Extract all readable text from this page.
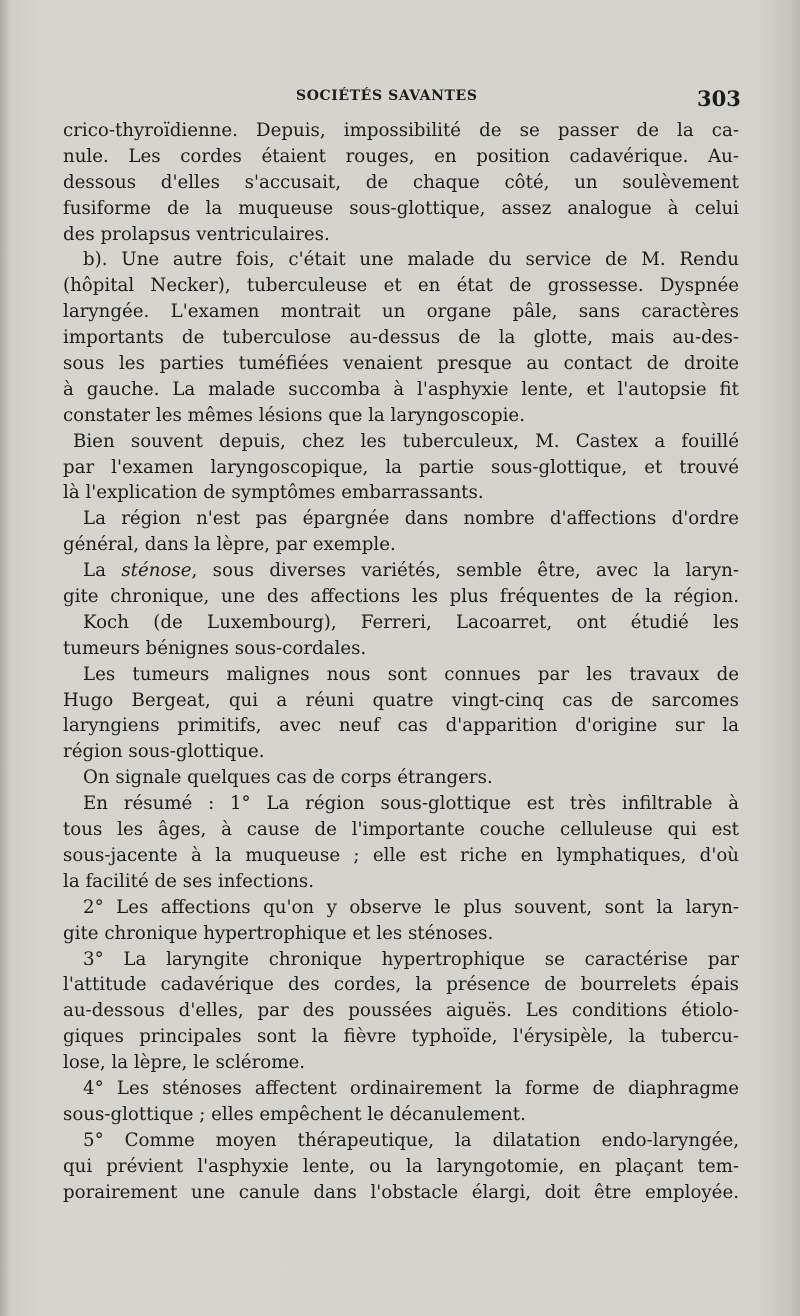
SOCIÉTÉS SAVANTES	303
crico-thyroïdienne. Depuis, impossibilité de se passer de la ca-
nule. Les cordes étaient rouges, en position cadavérique. Au-
dessous d'elles s'accusait, de chaque côté, un soulèvement
fusiforme de la muqueuse sous-glottique, assez analogue à celui
des prolapsus ventriculaires.
b). Une autre fois, c'était une malade du service de M. Rendu
(hôpital Necker), tuberculeuse et en état de grossesse. Dyspnée
laryngée. L'examen montrait un organe pâle, sans caractères
importants de tuberculose au-dessus de la glotte, mais au-des-
sous les parties tuméfiées venaient presque au contact de droite
à gauche. La malade succomba à l'asphyxie lente, et l'autopsie fit
constater les mêmes lésions que la laryngoscopie.
Bien souvent depuis, chez les tuberculeux, M. Castex a fouillé
par l'examen laryngoscopique, la partie sous-glottique, et trouvé
là l'explication de symptômes embarrassants.
La région n'est pas épargnée dans nombre d'affections d'ordre
général, dans la lèpre, par exemple.
La sténose, sous diverses variétés, semble être, avec la laryn-
gite chronique, une des affections les plus fréquentes de la région.
Koch (de Luxembourg), Ferreri, Lacoarret, ont étudié les
tumeurs bénignes sous-cordales.
Les tumeurs malignes nous sont connues par les travaux de
Hugo Bergeat, qui a réuni quatre vingt-cinq cas de sarcomes
laryngiens primitifs, avec neuf cas d'apparition d'origine sur la
région sous-glottique.
On signale quelques cas de corps étrangers.
En résumé : 1° La région sous-glottique est très infiltrable à
tous les âges, à cause de l'importante couche celluleuse qui est
sous-jacente à la muqueuse ; elle est riche en lymphatiques, d'où
la facilité de ses infections.
2° Les affections qu'on y observe le plus souvent, sont la laryn-
gite chronique hypertrophique et les sténoses.
3° La laryngite chronique hypertrophique se caractérise par
l'attitude cadavérique des cordes, la présence de bourrelets épais
au-dessous d'elles, par des poussées aiguës. Les conditions étiolo-
giques principales sont la fièvre typhoïde, l'érysipèle, la tubercu-
lose, la lèpre, le sclérome.
4° Les sténoses affectent ordinairement la forme de diaphragme
sous-glottique ; elles empêchent le décanulement.
5° Comme moyen thérapeutique, la dilatation endo-laryngée,
qui prévient l'asphyxie lente, ou la laryngotomie, en plaçant tem-
porairement une canule dans l'obstacle élargi, doit être employée.
